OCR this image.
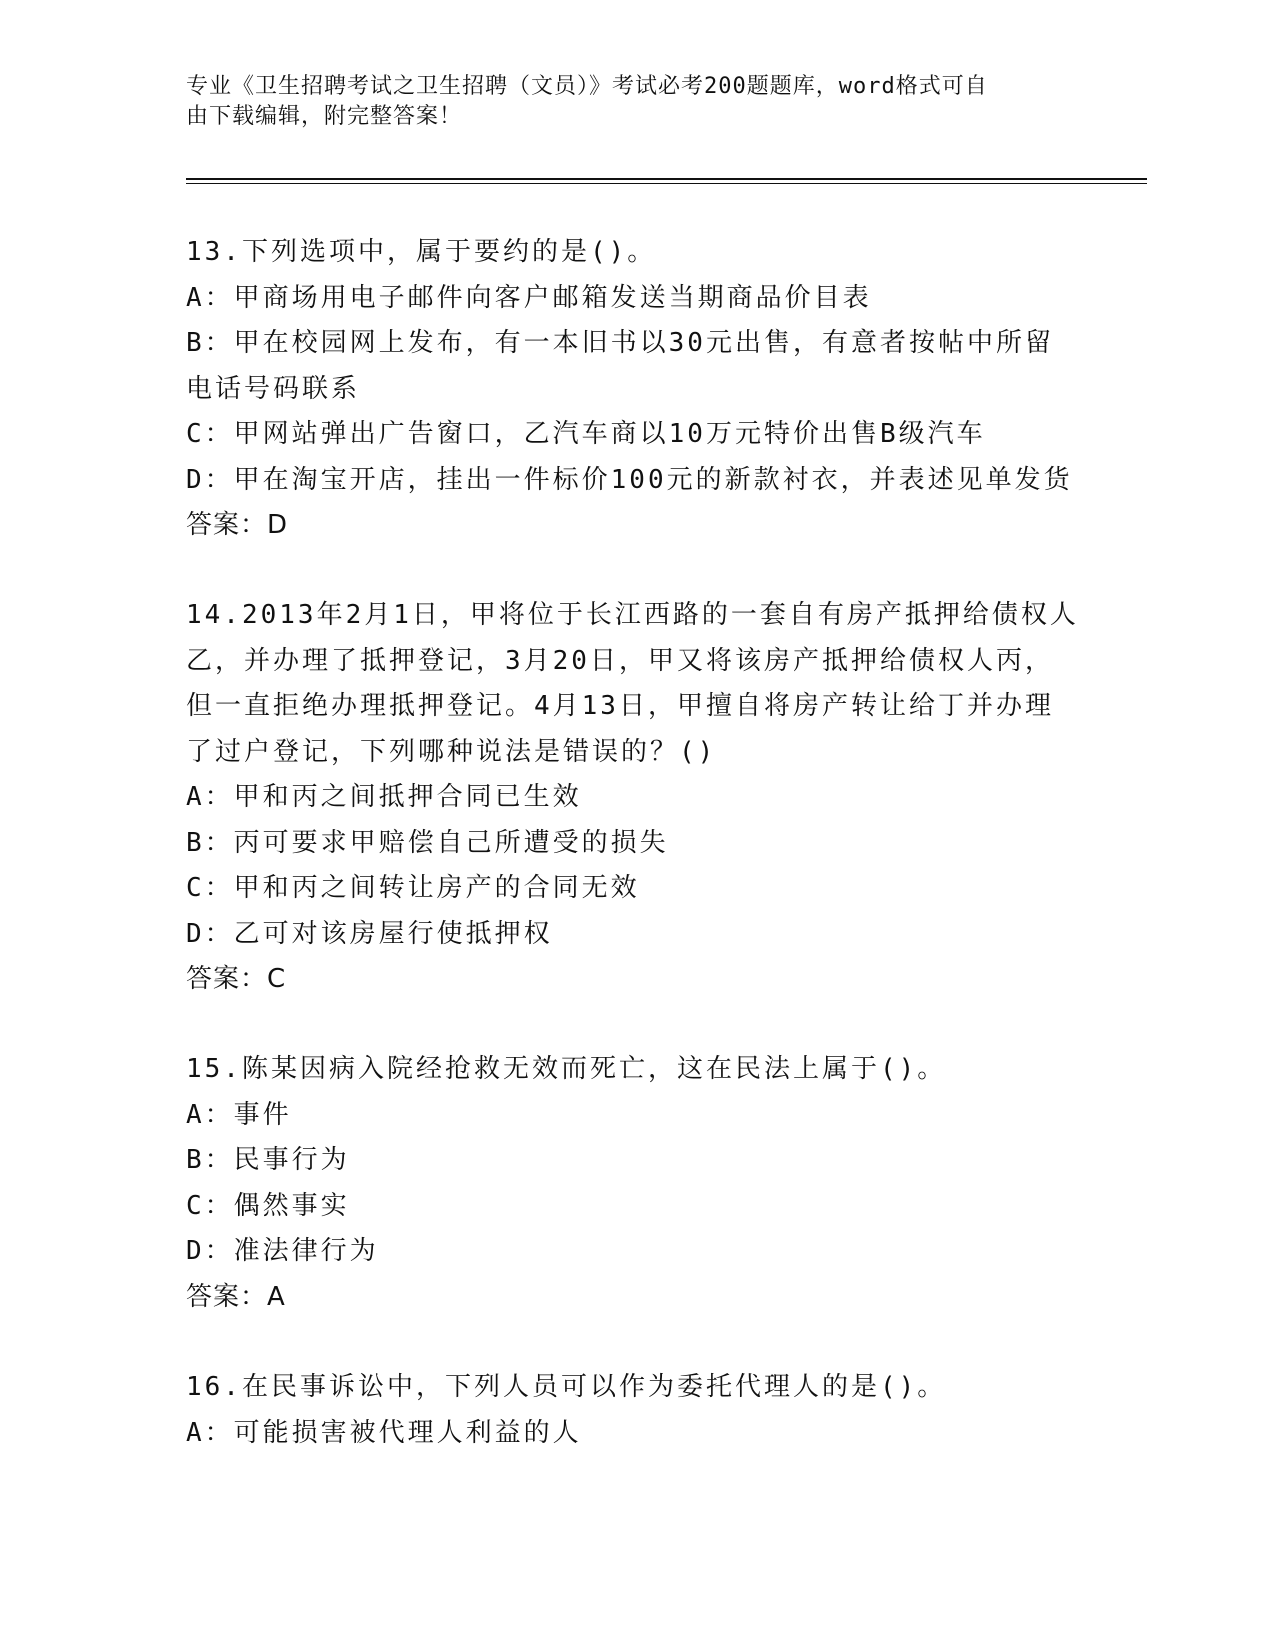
专业《卫生招聘考试之卫生招聘（文员）》考试必考200题题库，word格式可自
由下载编辑，附完整答案！
13.下列选项中，属于要约的是()。
A：甲商场用电子邮件向客户邮箱发送当期商品价目表
B：甲在校园网上发布，有一本旧书以30元出售，有意者按帖中所留
电话号码联系
C：甲网站弹出广告窗口，乙汽车商以10万元特价出售B级汽车
D：甲在淘宝开店，挂出一件标价100元的新款衬衣，并表述见单发货
答案：D
14.2013年2月1日，甲将位于长江西路的一套自有房产抵押给债权人
乙，并办理了抵押登记，3月20日，甲又将该房产抵押给债权人丙，
但一直拒绝办理抵押登记。4月13日，甲擅自将房产转让给丁并办理
了过户登记，下列哪种说法是错误的？()
A：甲和丙之间抵押合同已生效
B：丙可要求甲赔偿自己所遭受的损失
C：甲和丙之间转让房产的合同无效
D：乙可对该房屋行使抵押权
答案：C
15.陈某因病入院经抢救无效而死亡，这在民法上属于()。
A：事件
B：民事行为
C：偶然事实
D：准法律行为
答案：A
16.在民事诉讼中，下列人员可以作为委托代理人的是()。
A：可能损害被代理人利益的人
